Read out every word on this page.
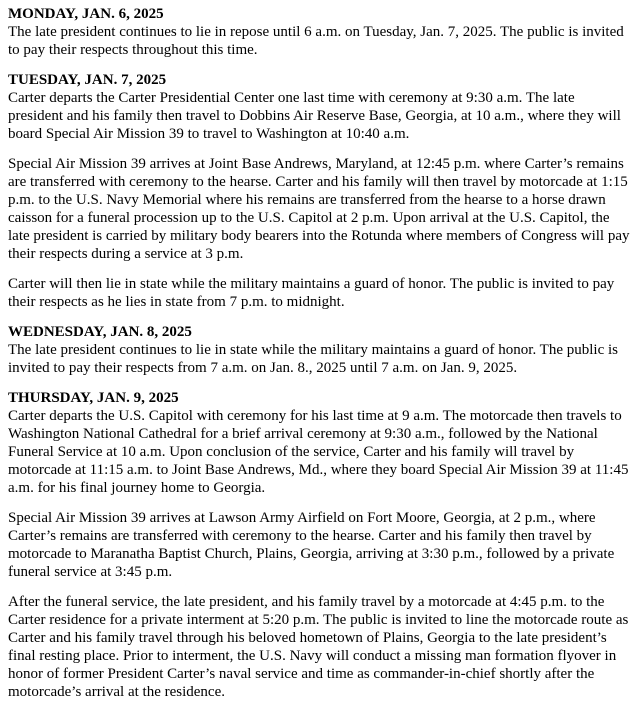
MONDAY, JAN. 6, 2025

The late president continues to lie in repose until 6 a.m. on Tuesday, Jan. 7, 2025. The public is invited to pay their respects throughout this time.

TUESDAY, JAN. 7, 2025

Carter departs the Carter Presidential Center one last time with ceremony at 9:30 a.m. The late president and his family then travel to Dobbins Air Reserve Base, Georgia, at 10 a.m., where they will board Special Air Mission 39 to travel to Washington at 10:40 a.m.

Special Air Mission 39 arrives at Joint Base Andrews, Maryland, at 12:45 p.m. where Carter’s remains are transferred with ceremony to the hearse. Carter and his family will then travel by motorcade at 1:15 p.m. to the U.S. Navy Memorial where his remains are transferred from the hearse to a horse drawn caisson for a funeral procession up to the U.S. Capitol at 2 p.m. Upon arrival at the U.S. Capitol, the late president is carried by military body bearers into the Rotunda where members of Congress will pay their respects during a service at 3 p.m.

Carter will then lie in state while the military maintains a guard of honor. The public is invited to pay their respects as he lies in state from 7 p.m. to midnight.

WEDNESDAY, JAN. 8, 2025

The late president continues to lie in state while the military maintains a guard of honor. The public is invited to pay their respects from 7 a.m. on Jan. 8., 2025 until 7 a.m. on Jan. 9, 2025.

THURSDAY, JAN. 9, 2025

Carter departs the U.S. Capitol with ceremony for his last time at 9 a.m. The motorcade then travels to Washington National Cathedral for a brief arrival ceremony at 9:30 a.m., followed by the National Funeral Service at 10 a.m. Upon conclusion of the service, Carter and his family will travel by motorcade at 11:15 a.m. to Joint Base Andrews, Md., where they board Special Air Mission 39 at 11:45 a.m. for his final journey home to Georgia.

Special Air Mission 39 arrives at Lawson Army Airfield on Fort Moore, Georgia, at 2 p.m., where Carter’s remains are transferred with ceremony to the hearse. Carter and his family then travel by motorcade to Maranatha Baptist Church, Plains, Georgia, arriving at 3:30 p.m., followed by a private funeral service at 3:45 p.m.

After the funeral service, the late president, and his family travel by a motorcade at 4:45 p.m. to the Carter residence for a private interment at 5:20 p.m. The public is invited to line the motorcade route as Carter and his family travel through his beloved hometown of Plains, Georgia to the late president’s final resting place. Prior to interment, the U.S. Navy will conduct a missing man formation flyover in honor of former President Carter’s naval service and time as commander-in-chief shortly after the motorcade’s arrival at the residence.
